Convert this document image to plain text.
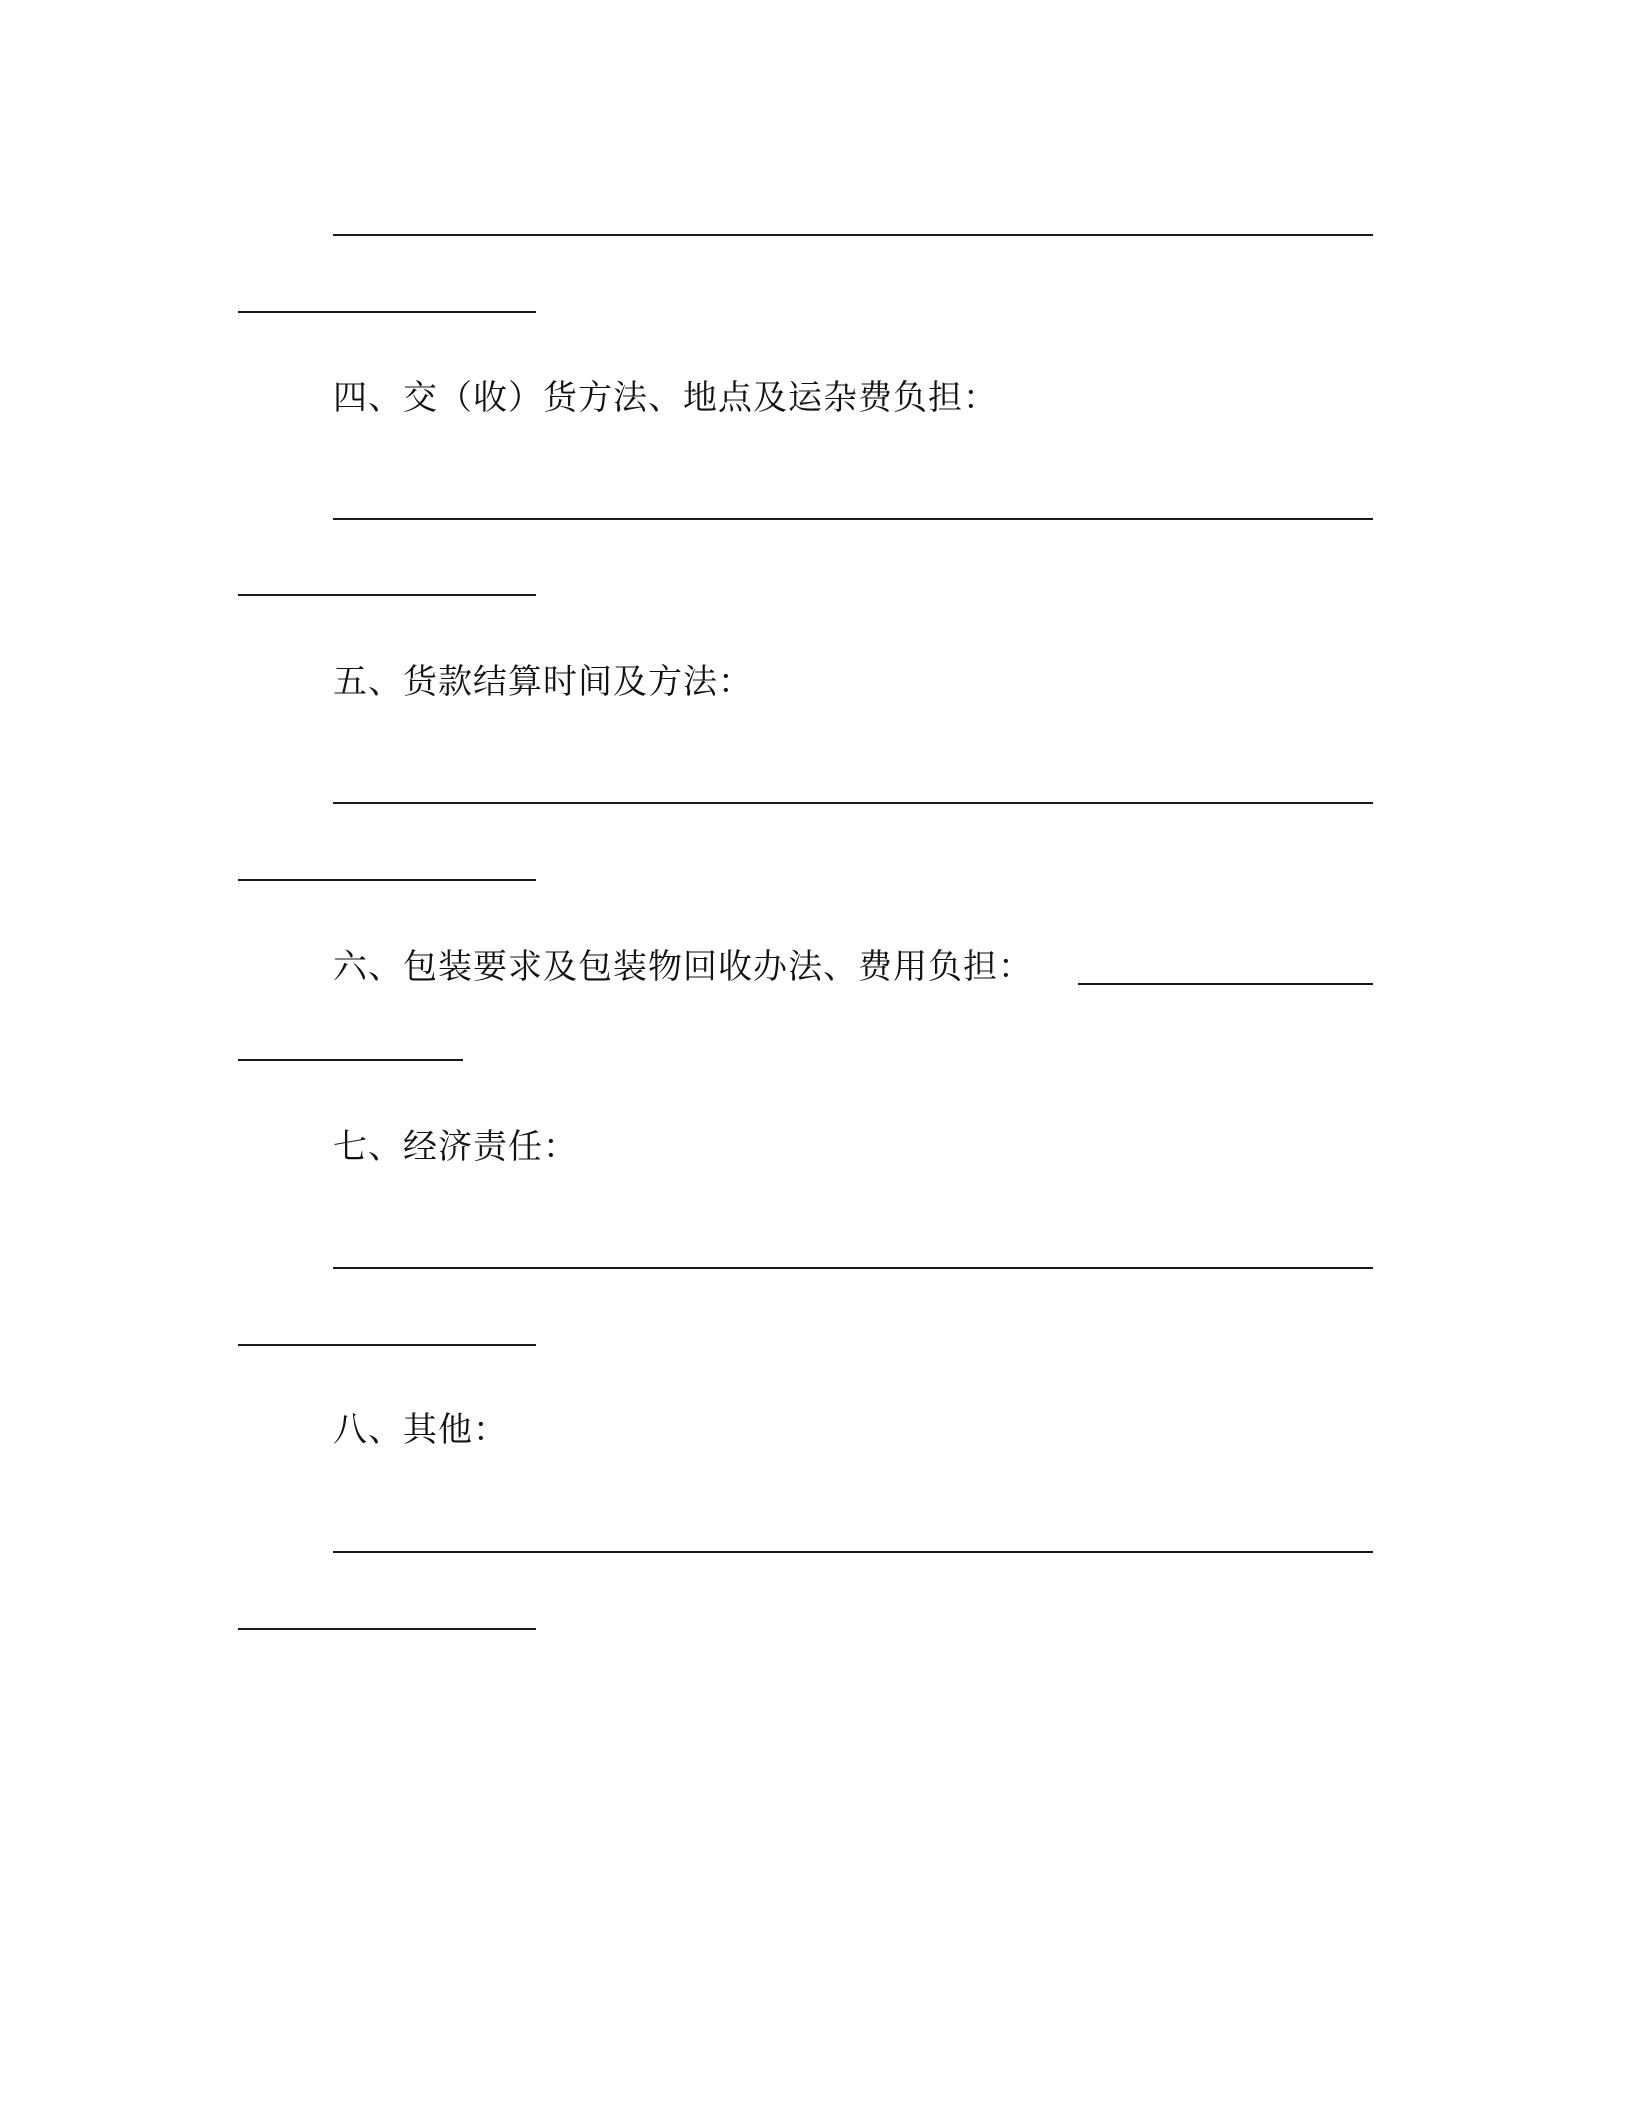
四、交（收）货方法、地点及运杂费负担：
五、货款结算时间及方法：
六、包装要求及包装物回收办法、费用负担：
七、经济责任：
八、其他：
